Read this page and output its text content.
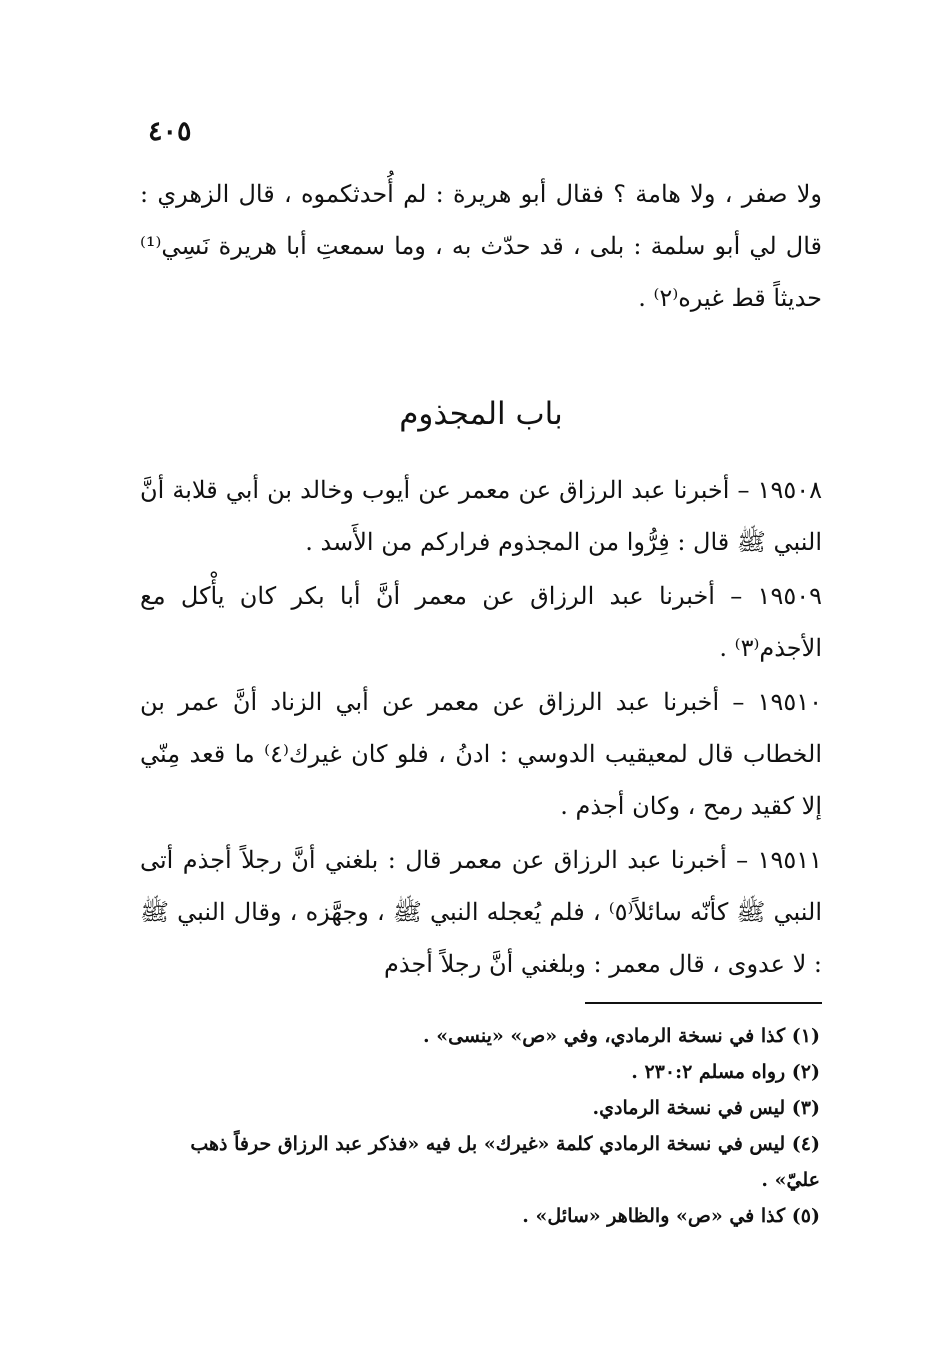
٤٠٥

ولا صفر ، ولا هامة ؟ فقال أبو هريرة : لم أُحدثكموه ، قال الزهري : قال لي أبو سلمة : بلى ، قد حدّث به ، وما سمعتِ أبا هريرة نَسِي⁽¹⁾ حديثاً قط غيره⁽٢⁾ .

باب المجذوم

١٩٥٠٨ – أخبرنا عبد الرزاق عن معمر عن أيوب وخالد بن أبي قلابة أنَّ النبي ﷺ قال : فِرُّوا من المجذوم فراركم من الأَسد .

١٩٥٠٩ – أخبرنا عبد الرزاق عن معمر أنَّ أبا بكر كان يأْكل مع الأجذم⁽٣⁾ .

١٩٥١٠ – أخبرنا عبد الرزاق عن معمر عن أبي الزناد أنَّ عمر بن الخطاب قال لمعيقيب الدوسي : ادنُ ، فلو كان غيرك⁽٤⁾ ما قعد مِنّي إلا كقيد رمح ، وكان أجذم .

١٩٥١١ – أخبرنا عبد الرزاق عن معمر قال : بلغني أنَّ رجلاً أجذم أتى النبي ﷺ كأنّه سائلاً⁽٥⁾ ، فلم يُعجله النبي ﷺ ، وجهَّزه ، وقال النبي ﷺ : لا عدوى ، قال معمر : وبلغني أنَّ رجلاً أجذم

(١) كذا في نسخة الرمادي، وفي «ص» «ينسى» .

(٢) رواه مسلم ٢٣٠:٢ .

(٣) ليس في نسخة الرمادي.

(٤) ليس في نسخة الرمادي كلمة «غيرك» بل فيه «فذكر عبد الرزاق حرفاً ذهب عليّ» .

(٥) كذا في «ص» والظاهر «سائل» .
